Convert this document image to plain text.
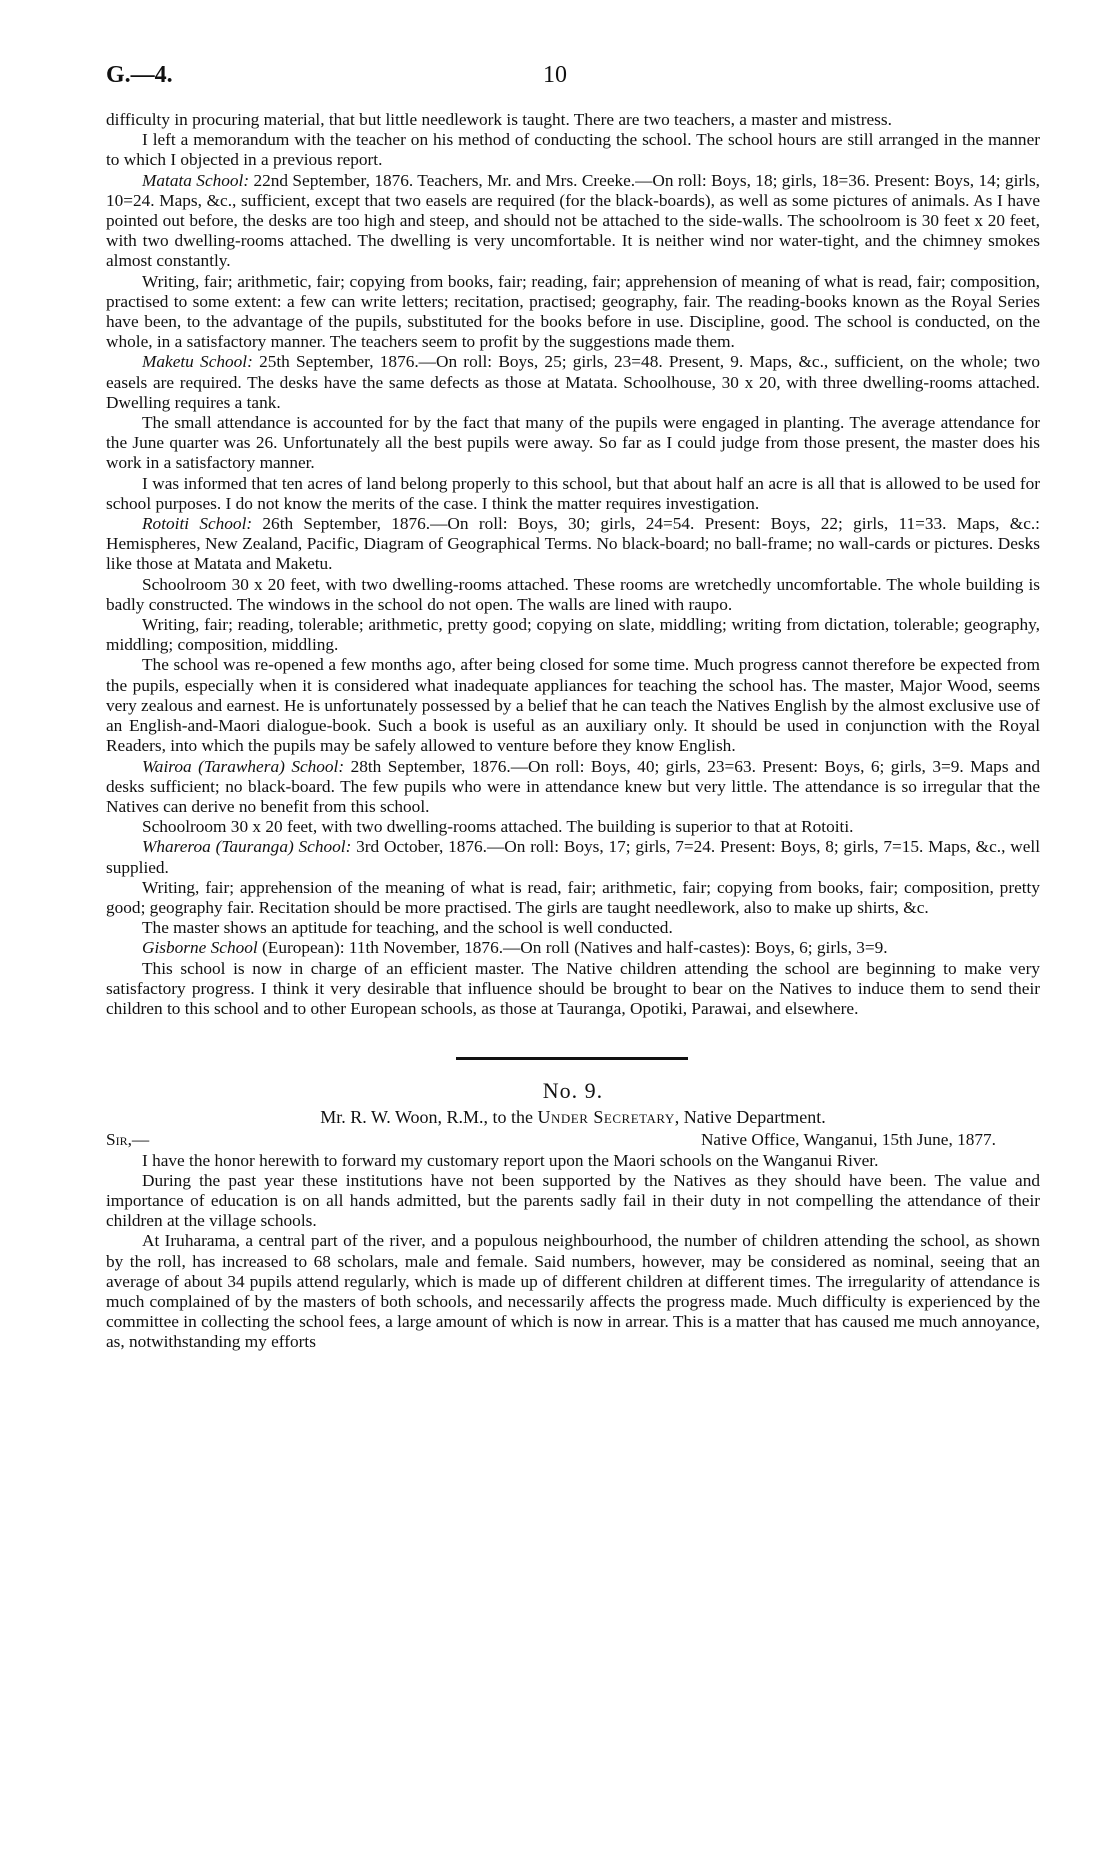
G.—4.	10

difficulty in procuring material, that but little needlework is taught. There are two teachers, a master and mistress.

I left a memorandum with the teacher on his method of conducting the school. The school hours are still arranged in the manner to which I objected in a previous report.

Matata School: 22nd September, 1876. Teachers, Mr. and Mrs. Creeke.—On roll: Boys, 18; girls, 18=36. Present: Boys, 14; girls, 10=24. Maps, &c., sufficient, except that two easels are required (for the black-boards), as well as some pictures of animals. As I have pointed out before, the desks are too high and steep, and should not be attached to the side-walls. The schoolroom is 30 feet x 20 feet, with two dwelling-rooms attached. The dwelling is very uncomfortable. It is neither wind nor water-tight, and the chimney smokes almost constantly.

Writing, fair; arithmetic, fair; copying from books, fair; reading, fair; apprehension of meaning of what is read, fair; composition, practised to some extent: a few can write letters; recitation, practised; geography, fair. The reading-books known as the Royal Series have been, to the advantage of the pupils, substituted for the books before in use. Discipline, good. The school is conducted, on the whole, in a satisfactory manner. The teachers seem to profit by the suggestions made them.

Maketu School: 25th September, 1876.—On roll: Boys, 25; girls, 23=48. Present, 9. Maps, &c., sufficient, on the whole; two easels are required. The desks have the same defects as those at Matata. Schoolhouse, 30 x 20, with three dwelling-rooms attached. Dwelling requires a tank.

The small attendance is accounted for by the fact that many of the pupils were engaged in planting. The average attendance for the June quarter was 26. Unfortunately all the best pupils were away. So far as I could judge from those present, the master does his work in a satisfactory manner.

I was informed that ten acres of land belong properly to this school, but that about half an acre is all that is allowed to be used for school purposes. I do not know the merits of the case. I think the matter requires investigation.

Rotoiti School: 26th September, 1876.—On roll: Boys, 30; girls, 24=54. Present: Boys, 22; girls, 11=33. Maps, &c.: Hemispheres, New Zealand, Pacific, Diagram of Geographical Terms. No black-board; no ball-frame; no wall-cards or pictures. Desks like those at Matata and Maketu.

Schoolroom 30 x 20 feet, with two dwelling-rooms attached. These rooms are wretchedly uncomfortable. The whole building is badly constructed. The windows in the school do not open. The walls are lined with raupo.

Writing, fair; reading, tolerable; arithmetic, pretty good; copying on slate, middling; writing from dictation, tolerable; geography, middling; composition, middling.

The school was re-opened a few months ago, after being closed for some time. Much progress cannot therefore be expected from the pupils, especially when it is considered what inadequate appliances for teaching the school has. The master, Major Wood, seems very zealous and earnest. He is unfortunately possessed by a belief that he can teach the Natives English by the almost exclusive use of an English-and-Maori dialogue-book. Such a book is useful as an auxiliary only. It should be used in conjunction with the Royal Readers, into which the pupils may be safely allowed to venture before they know English.

Wairoa (Tarawhera) School: 28th September, 1876.—On roll: Boys, 40; girls, 23=63. Present: Boys, 6; girls, 3=9. Maps and desks sufficient; no black-board. The few pupils who were in attendance knew but very little. The attendance is so irregular that the Natives can derive no benefit from this school.

Schoolroom 30 x 20 feet, with two dwelling-rooms attached. The building is superior to that at Rotoiti.

Whareroa (Tauranga) School: 3rd October, 1876.—On roll: Boys, 17; girls, 7=24. Present: Boys, 8; girls, 7=15. Maps, &c., well supplied.

Writing, fair; apprehension of the meaning of what is read, fair; arithmetic, fair; copying from books, fair; composition, pretty good; geography fair. Recitation should be more practised. The girls are taught needlework, also to make up shirts, &c.

The master shows an aptitude for teaching, and the school is well conducted.

Gisborne School (European): 11th November, 1876.—On roll (Natives and half-castes): Boys, 6; girls, 3=9.

This school is now in charge of an efficient master. The Native children attending the school are beginning to make very satisfactory progress. I think it very desirable that influence should be brought to bear on the Natives to induce them to send their children to this school and to other European schools, as those at Tauranga, Opotiki, Parawai, and elsewhere.

No. 9.
Mr. R. W. Woon, R.M., to the Under Secretary, Native Department.
Sir,—	Native Office, Wanganui, 15th June, 1877.

I have the honor herewith to forward my customary report upon the Maori schools on the Wanganui River.

During the past year these institutions have not been supported by the Natives as they should have been. The value and importance of education is on all hands admitted, but the parents sadly fail in their duty in not compelling the attendance of their children at the village schools.

At Iruharama, a central part of the river, and a populous neighbourhood, the number of children attending the school, as shown by the roll, has increased to 68 scholars, male and female. Said numbers, however, may be considered as nominal, seeing that an average of about 34 pupils attend regularly, which is made up of different children at different times. The irregularity of attendance is much complained of by the masters of both schools, and necessarily affects the progress made. Much difficulty is experienced by the committee in collecting the school fees, a large amount of which is now in arrear. This is a matter that has caused me much annoyance, as, notwithstanding my efforts
